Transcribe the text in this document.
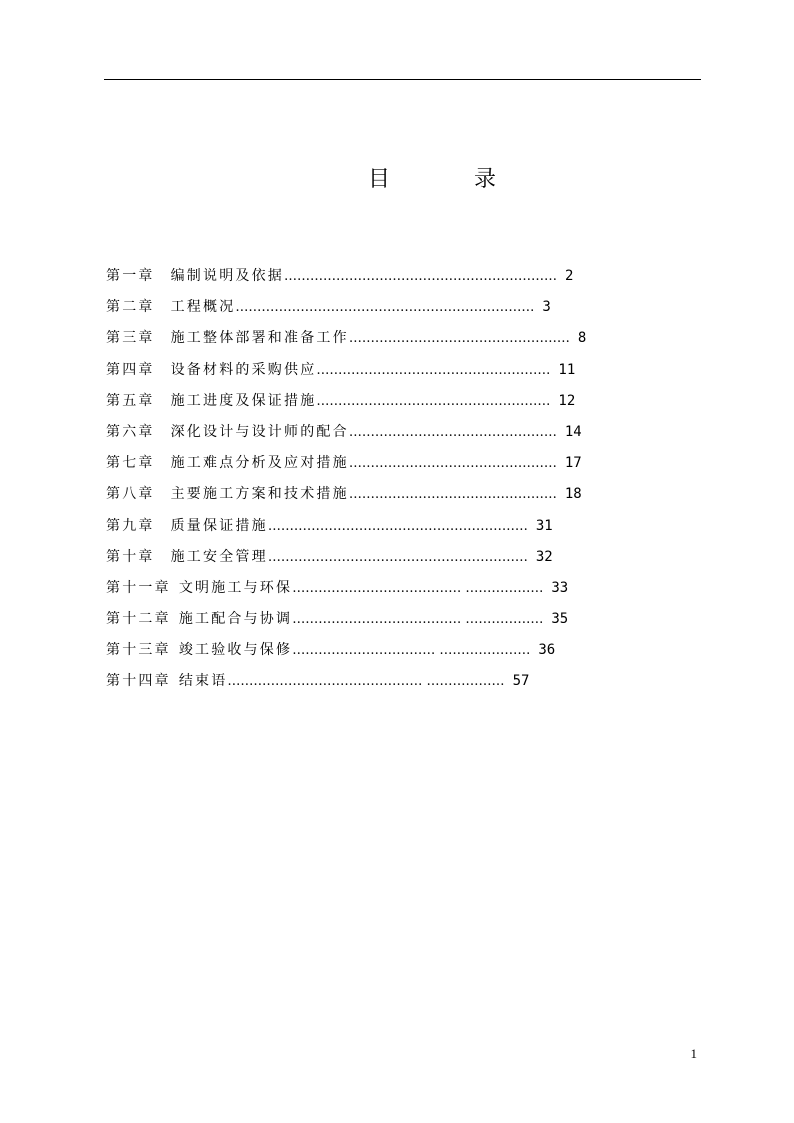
目	录
第一章 编制说明及依据 ……………………………………………………… 2
第二章 工程概况 …………………………………………………………… 3
第三章 施工整体部署和准备工作 …………………………………………… 8
第四章 设备材料的采购供应 ……………………………………………… 11
第五章 施工进度及保证措施 ……………………………………………… 12
第六章 深化设计与设计师的配合 ………………………………………… 14
第七章 施工难点分析及应对措施 ………………………………………… 17
第八章 主要施工方案和技术措施 ………………………………………… 18
第九章 质量保证措施 …………………………………………………… 31
第十章 施工安全管理 …………………………………………………… 32
第十一章 文明施工与环保 ………………………………… ……………… 33
第十二章 施工配合与协调 ………………………………… ……………… 35
第十三章 竣工验收与保修 …………………………… ………………… 36
第十四章 结束语 ……………………………………… ……………… 57
1
